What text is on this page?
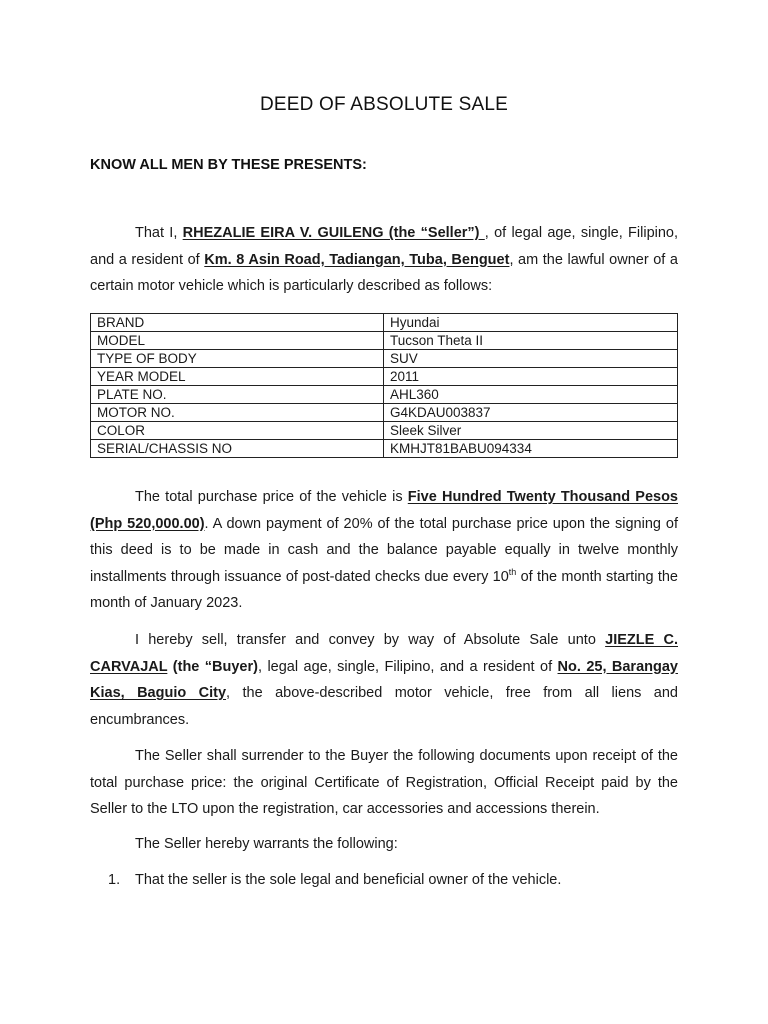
DEED OF ABSOLUTE SALE
KNOW ALL MEN BY THESE PRESENTS:

That I, RHEZALIE EIRA V. GUILENG (the “Seller”) , of legal age, single, Filipino, and a resident of Km. 8 Asin Road, Tadiangan, Tuba, Benguet, am the lawful owner of a certain motor vehicle which is particularly described as follows:

BRAND	Hyundai
MODEL	Tucson Theta II
TYPE OF BODY	SUV
YEAR MODEL	2011
PLATE NO.	AHL360
MOTOR NO.	G4KDAU003837
COLOR	Sleek Silver
SERIAL/CHASSIS NO	KMHJT81BABU094334

The total purchase price of the vehicle is Five Hundred Twenty Thousand Pesos (Php 520,000.00). A down payment of 20% of the total purchase price upon the signing of this deed is to be made in cash and the balance payable equally in twelve monthly installments through issuance of post-dated checks due every 10th of the month starting the month of January 2023.

I hereby sell, transfer and convey by way of Absolute Sale unto JIEZLE C. CARVAJAL (the “Buyer), legal age, single, Filipino, and a resident of No. 25, Barangay Kias, Baguio City, the above-described motor vehicle, free from all liens and encumbrances.

The Seller shall surrender to the Buyer the following documents upon receipt of the total purchase price: the original Certificate of Registration, Official Receipt paid by the Seller to the LTO upon the registration, car accessories and accessions therein.

The Seller hereby warrants the following:

1. That the seller is the sole legal and beneficial owner of the vehicle.
